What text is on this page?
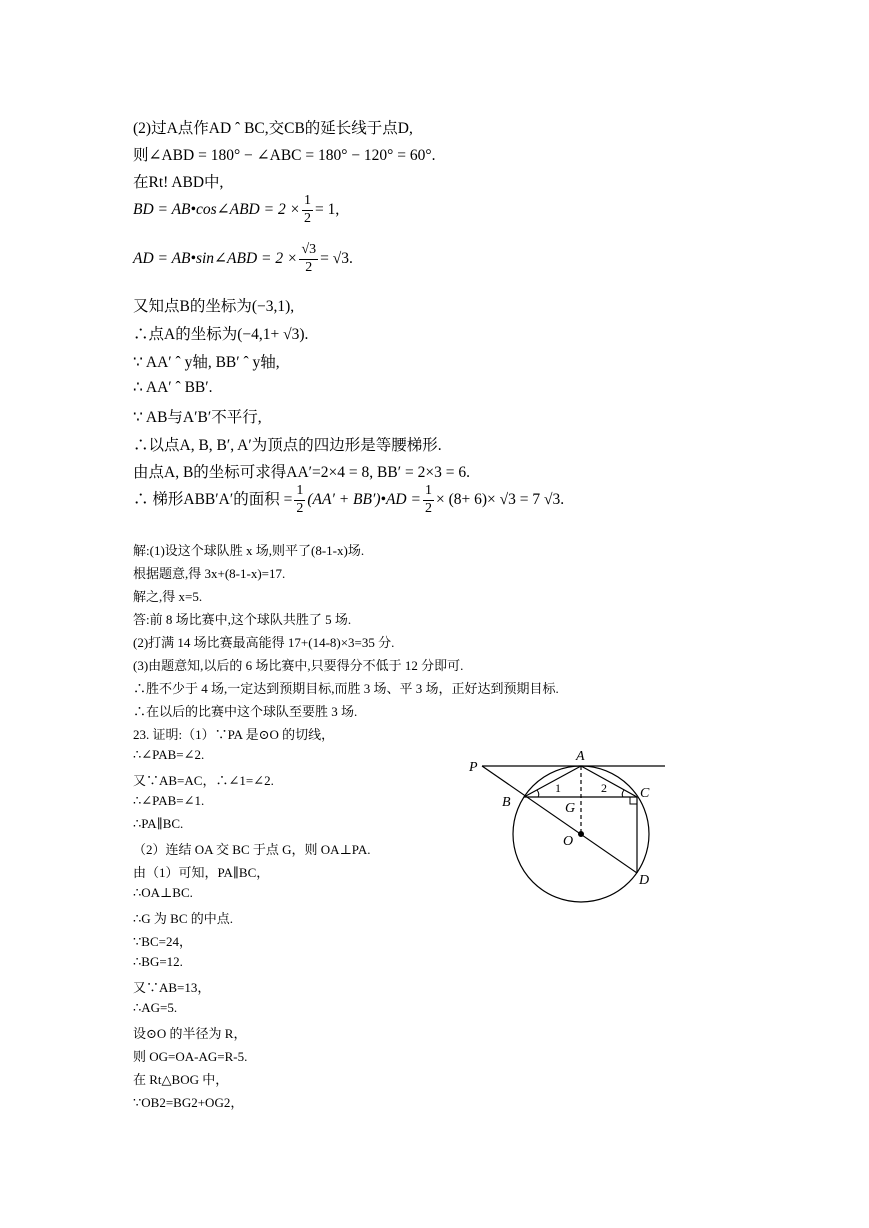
(2)过A点作AD ˆ BC,交CB的延长线于点D,
则∠ABD = 180° − ∠ABC = 180° − 120° = 60°.
在Rt! ABD中,
BD = AB•cos∠ABD = $2 \times \frac{1}{2} = 1$,
AD = AB•sin∠ABD = $2 \times \frac{√3}{2} = √3$.
又知点B的坐标为(−3,1),
∴点A的坐标为(−4,1+ √3).
∵ AA′ ˆ y轴, BB′ ˆ y轴,
∴ AA′ ˆ BB′.
∵ AB与A′B′不平行,
∴以点A, B, B′, A′为顶点的四边形是等腰梯形.
由点A, B的坐标可求得AA′=2×4 = 8, BB′ = 2×3 = 6.
∴ 梯形ABB′A′的面积 = $\frac{1}{2} (AA'$ + BB′)•AD = $\frac{1}{2} \times (8+ 6)\times √3 = 7$ √3.
解:(1)设这个球队胜 x 场,则平了(8-1-x)场.
根据题意,得 3x+(8-1-x)=17.
解之,得 x=5.
答:前 8 场比赛中,这个球队共胜了 5 场.
(2)打满 14 场比赛最高能得 17+(14-8)×3=35 分.
(3)由题意知,以后的 6 场比赛中,只要得分不低于 12 分即可.
∴胜不少于 4 场,一定达到预期目标,而胜 3 场、平 3 场，正好达到预期目标.
∴在以后的比赛中这个球队至要胜 3 场.
23. 证明:（1）∵PA 是⊙O 的切线，
∴∠PAB=∠2.
又∵AB=AC，∴∠1=∠2.
∴∠PAB=∠1.
∴PA∥BC.
（2）连结 OA 交 BC 于点 G，则 OA⊥PA.
由（1）可知，PA∥BC，
∴OA⊥BC.
∴G 为 BC 的中点.
∵BC=24，
∴BG=12.
又∵AB=13，
∴AG=5.
设⊙O 的半径为 R，
则 OG=OA-AG=R-5.
在 Rt△BOG 中，
∵OB2=BG2+OG2，
P
A
B
C
G
O
D
1	2
